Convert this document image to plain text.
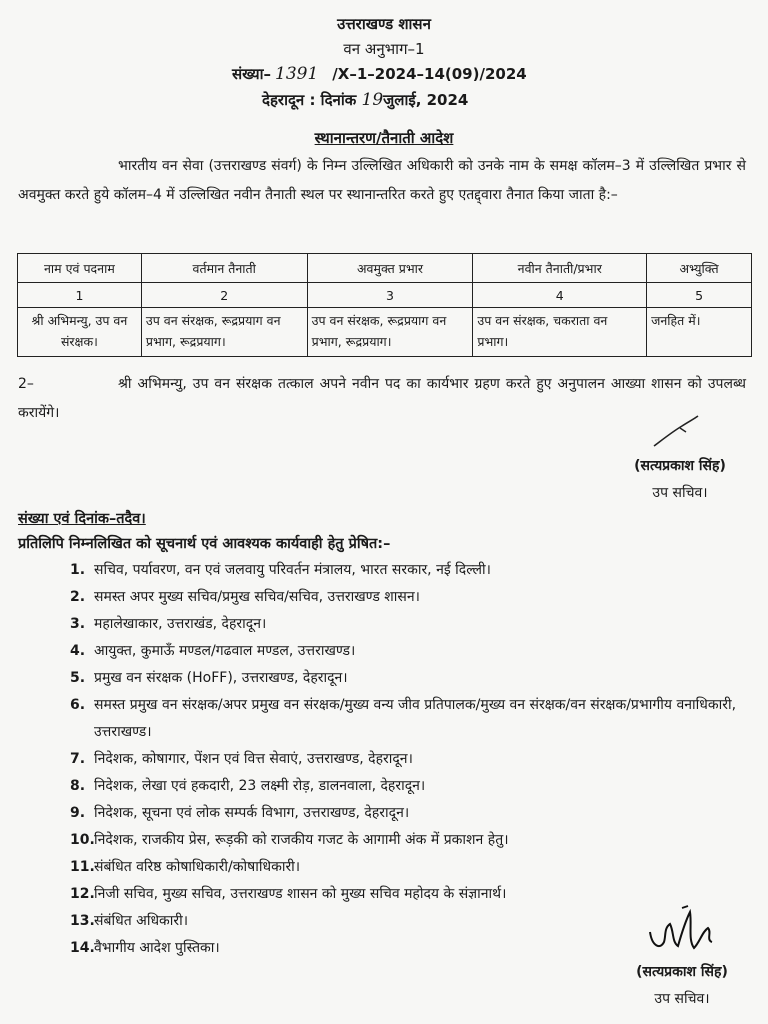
उत्तराखण्ड शासन
वन अनुभाग–1
संख्या– 1391 /X–1–2024–14(09)/2024
देहरादून : दिनांक 19जुलाई, 2024
स्थानान्तरण/तैनाती आदेश
भारतीय वन सेवा (उत्तराखण्ड संवर्ग) के निम्न उल्लिखित अधिकारी को उनके नाम के समक्ष कॉलम–3 में उल्लिखित प्रभार से अवमुक्त करते हुये कॉलम–4 में उल्लिखित नवीन तैनाती स्थल पर स्थानान्तरित करते हुए एतद्द्वारा तैनात किया जाता है:–
नाम एवं पदनाम	वर्तमान तैनाती	अवमुक्त प्रभार	नवीन तैनाती/प्रभार	अभ्युक्ति
1	2	3	4	5
श्री अभिमन्यु, उप वन संरक्षक।	उप वन संरक्षक, रूद्रप्रयाग वन प्रभाग, रूद्रप्रयाग।	उप वन संरक्षक, रूद्रप्रयाग वन प्रभाग, रूद्रप्रयाग।	उप वन संरक्षक, चकराता वन प्रभाग।	जनहित में।
2–	श्री अभिमन्यु, उप वन संरक्षक तत्काल अपने नवीन पद का कार्यभार ग्रहण करते हुए अनुपालन आख्या शासन को उपलब्ध करायेंगे।
(सत्यप्रकाश सिंह)
उप सचिव।
संख्या एवं दिनांक–तदैव।
प्रतिलिपि निम्नलिखित को सूचनार्थ एवं आवश्यक कार्यवाही हेतु प्रेषित:–
1. सचिव, पर्यावरण, वन एवं जलवायु परिवर्तन मंत्रालय, भारत सरकार, नई दिल्ली।
2. समस्त अपर मुख्य सचिव/प्रमुख सचिव/सचिव, उत्तराखण्ड शासन।
3. महालेखाकार, उत्तराखंड, देहरादून।
4. आयुक्त, कुमाऊँ मण्डल/गढवाल मण्डल, उत्तराखण्ड।
5. प्रमुख वन संरक्षक (HoFF), उत्तराखण्ड, देहरादून।
6. समस्त प्रमुख वन संरक्षक/अपर प्रमुख वन संरक्षक/मुख्य वन्य जीव प्रतिपालक/मुख्य वन संरक्षक/वन संरक्षक/प्रभागीय वनाधिकारी, उत्तराखण्ड।
7. निदेशक, कोषागार, पेंशन एवं वित्त सेवाएं, उत्तराखण्ड, देहरादून।
8. निदेशक, लेखा एवं हकदारी, 23 लक्ष्मी रोड़, डालनवाला, देहरादून।
9. निदेशक, सूचना एवं लोक सम्पर्क विभाग, उत्तराखण्ड, देहरादून।
10. निदेशक, राजकीय प्रेस, रूड़की को राजकीय गजट के आगामी अंक में प्रकाशन हेतु।
11. संबंधित वरिष्ठ कोषाधिकारी/कोषाधिकारी।
12. निजी सचिव, मुख्य सचिव, उत्तराखण्ड शासन को मुख्य सचिव महोदय के संज्ञानार्थ।
13. संबंधित अधिकारी।
14. वैभागीय आदेश पुस्तिका।
(सत्यप्रकाश सिंह)
उप सचिव।
